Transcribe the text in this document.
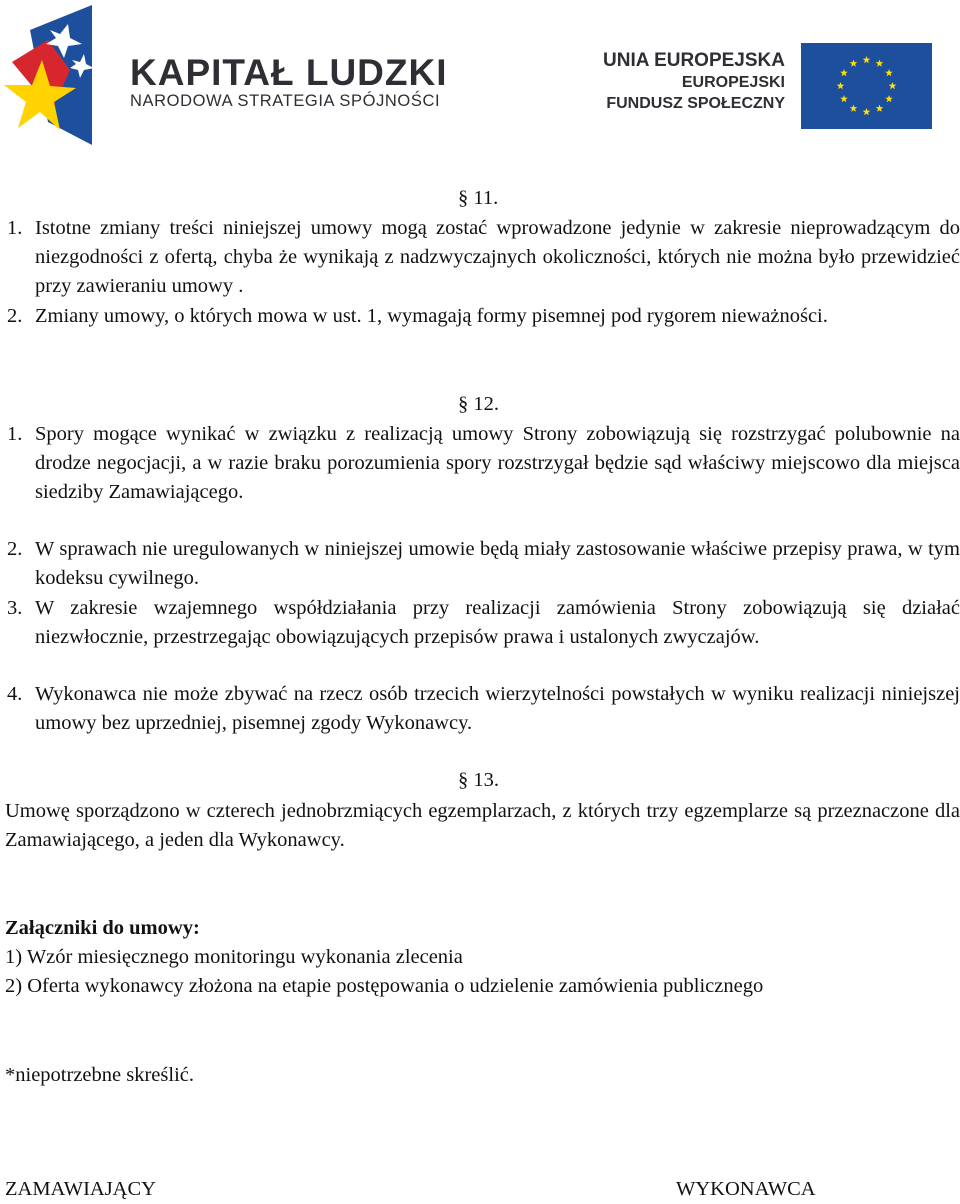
KAPITAŁ LUDZKI
NARODOWA STRATEGIA SPÓJNOŚCI
UNIA EUROPEJSKA
EUROPEJSKI
FUNDUSZ SPOŁECZNY
§ 11.
1. Istotne zmiany treści niniejszej umowy mogą zostać wprowadzone jedynie w zakresie nieprowadzącym do niezgodności z ofertą, chyba że wynikają z nadzwyczajnych okoliczności, których nie można było przewidzieć przy zawieraniu umowy .
2. Zmiany umowy, o których mowa w ust. 1, wymagają formy pisemnej pod rygorem nieważności.
§ 12.
1. Spory mogące wynikać w związku z realizacją umowy Strony zobowiązują się rozstrzygać polubownie na drodze negocjacji, a w razie braku porozumienia spory rozstrzygał będzie sąd właściwy miejscowo dla miejsca siedziby Zamawiającego.
2. W sprawach nie uregulowanych w niniejszej umowie będą miały zastosowanie właściwe przepisy prawa, w tym kodeksu cywilnego.
3. W zakresie wzajemnego współdziałania przy realizacji zamówienia Strony zobowiązują się działać niezwłocznie, przestrzegając obowiązujących przepisów prawa i ustalonych zwyczajów.
4. Wykonawca nie może zbywać na rzecz osób trzecich wierzytelności powstałych w wyniku realizacji niniejszej umowy bez uprzedniej, pisemnej zgody Wykonawcy.
§ 13.
Umowę sporządzono w czterech jednobrzmiących egzemplarzach, z których trzy egzemplarze są przeznaczone dla Zamawiającego, a jeden dla Wykonawcy.
Załączniki do umowy:
1) Wzór miesięcznego monitoringu wykonania zlecenia
2) Oferta wykonawcy złożona na etapie postępowania o udzielenie zamówienia publicznego
*niepotrzebne skreślić.
ZAMAWIAJĄCY	WYKONAWCA
